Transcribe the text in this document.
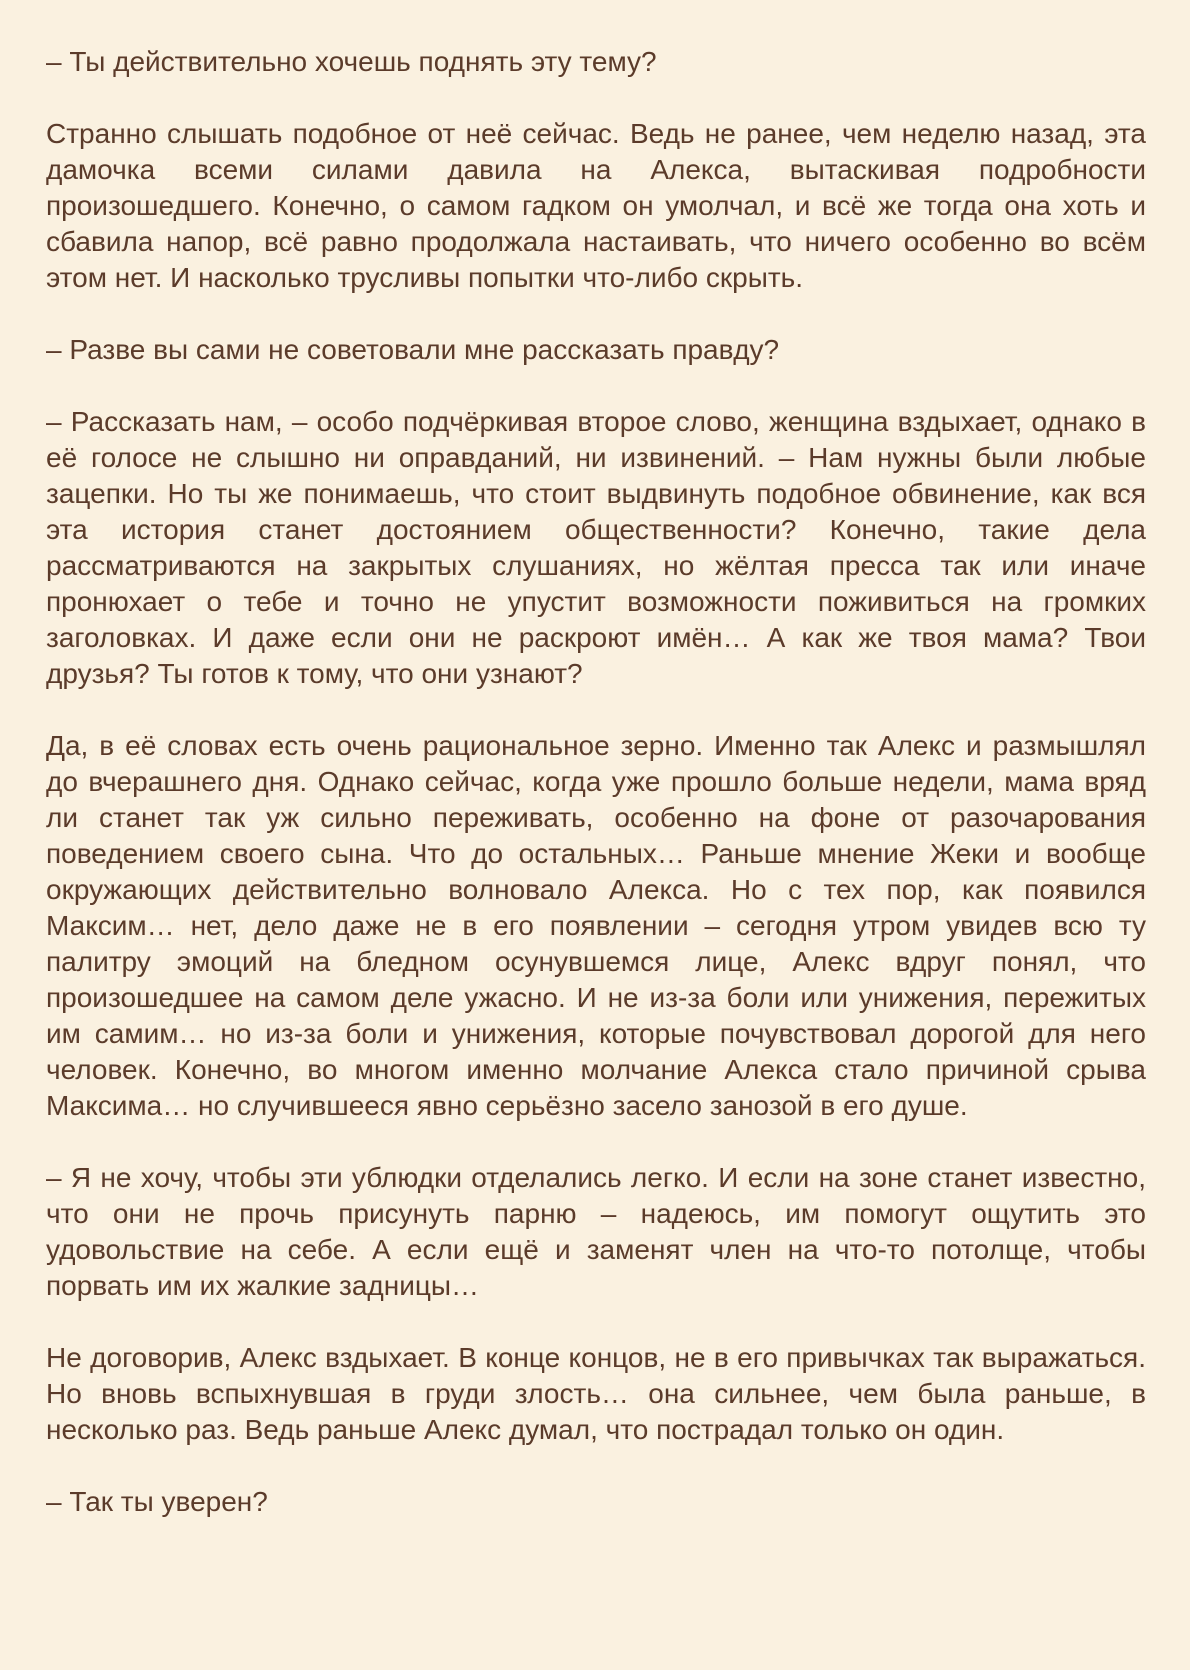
– Ты действительно хочешь поднять эту тему?

Странно слышать подобное от неё сейчас. Ведь не ранее, чем неделю назад, эта дамочка всеми силами давила на Алекса, вытаскивая подробности произошедшего. Конечно, о самом гадком он умолчал, и всё же тогда она хоть и сбавила напор, всё равно продолжала настаивать, что ничего особенно во всём этом нет. И насколько трусливы попытки что-либо скрыть.

– Разве вы сами не советовали мне рассказать правду?

– Рассказать нам, – особо подчёркивая второе слово, женщина вздыхает, однако в её голосе не слышно ни оправданий, ни извинений. – Нам нужны были любые зацепки. Но ты же понимаешь, что стоит выдвинуть подобное обвинение, как вся эта история станет достоянием общественности? Конечно, такие дела рассматриваются на закрытых слушаниях, но жёлтая пресса так или иначе пронюхает о тебе и точно не упустит возможности поживиться на громких заголовках. И даже если они не раскроют имён… А как же твоя мама? Твои друзья? Ты готов к тому, что они узнают?

Да, в её словах есть очень рациональное зерно. Именно так Алекс и размышлял до вчерашнего дня. Однако сейчас, когда уже прошло больше недели, мама вряд ли станет так уж сильно переживать, особенно на фоне от разочарования поведением своего сына. Что до остальных… Раньше мнение Жеки и вообще окружающих действительно волновало Алекса. Но с тех пор, как появился Максим… нет, дело даже не в его появлении – сегодня утром увидев всю ту палитру эмоций на бледном осунувшемся лице, Алекс вдруг понял, что произошедшее на самом деле ужасно. И не из-за боли или унижения, пережитых им самим… но из-за боли и унижения, которые почувствовал дорогой для него человек. Конечно, во многом именно молчание Алекса стало причиной срыва Максима… но случившееся явно серьёзно засело занозой в его душе.

– Я не хочу, чтобы эти ублюдки отделались легко. И если на зоне станет известно, что они не прочь присунуть парню – надеюсь, им помогут ощутить это удовольствие на себе. А если ещё и заменят член на что-то потолще, чтобы порвать им их жалкие задницы…

Не договорив, Алекс вздыхает. В конце концов, не в его привычках так выражаться. Но вновь вспыхнувшая в груди злость… она сильнее, чем была раньше, в несколько раз. Ведь раньше Алекс думал, что пострадал только он один.

– Так ты уверен?
